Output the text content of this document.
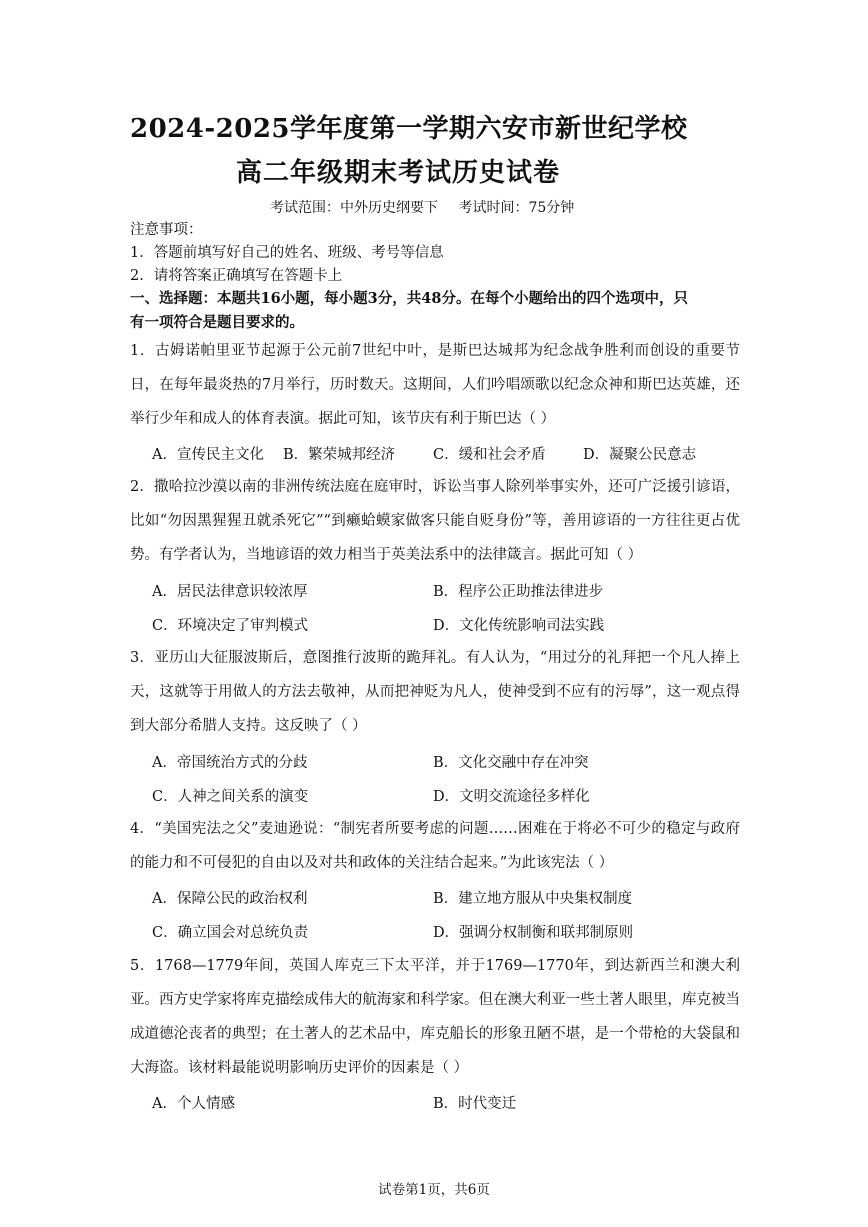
2024-2025学年度第一学期六安市新世纪学校
高二年级期末考试历史试卷
考试范围：中外历史纲要下 考试时间：75分钟
注意事项：
1．答题前填写好自己的姓名、班级、考号等信息
2．请将答案正确填写在答题卡上
一、选择题：本题共16小题，每小题3分，共48分。在每个小题给出的四个选项中，只
有一项符合是题目要求的。
1．古姆诺帕里亚节起源于公元前7世纪中叶，是斯巴达城邦为纪念战争胜利而创设的重要节日，在每年最炎热的7月举行，历时数天。这期间，人们吟唱颂歌以纪念众神和斯巴达英雄，还举行少年和成人的体育表演。据此可知，该节庆有利于斯巴达（ ）
A．宣传民主文化 B．繁荣城邦经济	C．缓和社会矛盾	D．凝聚公民意志
2．撒哈拉沙漠以南的非洲传统法庭在庭审时，诉讼当事人除列举事实外，还可广泛援引谚语，比如“勿因黑猩猩丑就杀死它”“到癞蛤蟆家做客只能自贬身份”等，善用谚语的一方往往更占优势。有学者认为，当地谚语的效力相当于英美法系中的法律箴言。据此可知（ ）
A．居民法律意识较浓厚	B．程序公正助推法律进步
C．环境决定了审判模式	D．文化传统影响司法实践
3．亚历山大征服波斯后，意图推行波斯的跪拜礼。有人认为，“用过分的礼拜把一个凡人捧上天，这就等于用做人的方法去敬神，从而把神贬为凡人，使神受到不应有的污辱”，这一观点得到大部分希腊人支持。这反映了（ ）
A．帝国统治方式的分歧	B．文化交融中存在冲突
C．人神之间关系的演变	D．文明交流途径多样化
4．“美国宪法之父”麦迪逊说：“制宪者所要考虑的问题……困难在于将必不可少的稳定与政府的能力和不可侵犯的自由以及对共和政体的关注结合起来。”为此该宪法（ ）
A．保障公民的政治权利	B．建立地方服从中央集权制度
C．确立国会对总统负责	D．强调分权制衡和联邦制原则
5．1768—1779年间，英国人库克三下太平洋，并于1769—1770年，到达新西兰和澳大利亚。西方史学家将库克描绘成伟大的航海家和科学家。但在澳大利亚一些土著人眼里，库克被当成道德沦丧者的典型；在土著人的艺术品中，库克船长的形象丑陋不堪，是一个带枪的大袋鼠和大海盗。该材料最能说明影响历史评价的因素是（ ）
A．个人情感	B．时代变迁
试卷第1页，共6页
